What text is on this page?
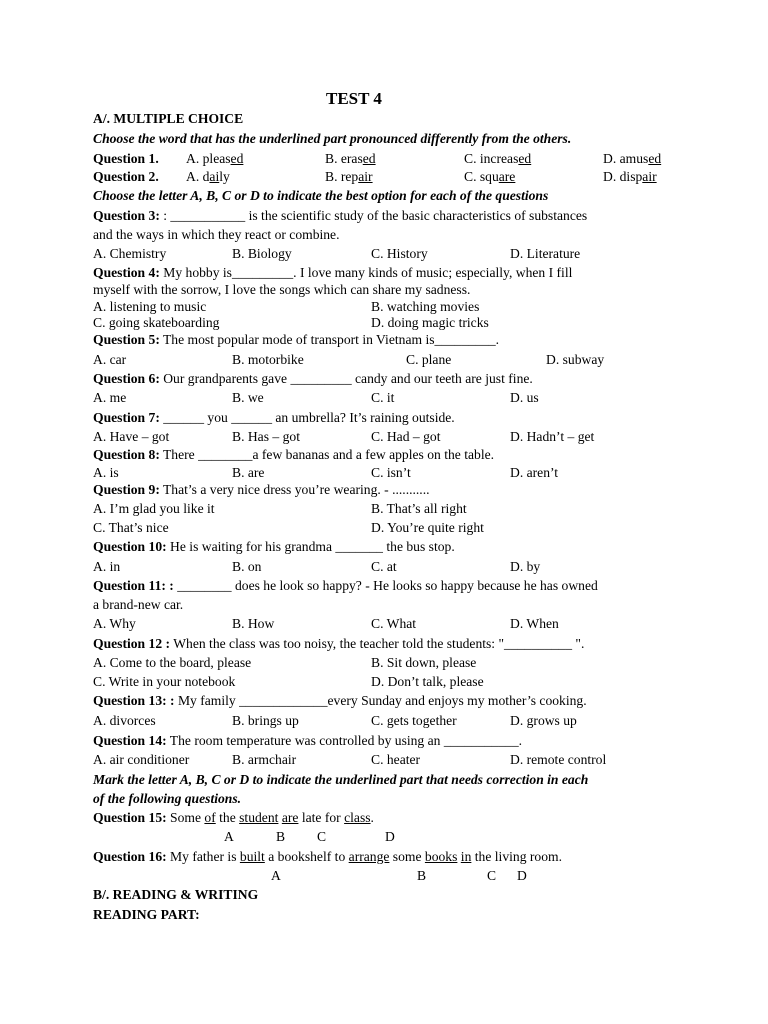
TEST 4
A/. MULTIPLE CHOICE
Choose the word that has the underlined part pronounced differently from the others.
Question 1. A. pleased	B. erased	C. increased	D. amused
Question 2. A. daily	B. repair	C. square	D. dispair
Choose the letter A, B, C or D to indicate the best option for each of the questions
Question 3: : ___________ is the scientific study of the basic characteristics of substances
and the ways in which they react or combine.
A. Chemistry	B. Biology	C. History	D. Literature
Question 4: My hobby is_________. I love many kinds of music; especially, when I fill
myself with the sorrow, I love the songs which can share my sadness.
A. listening to music	B. watching movies
C. going skateboarding	D. doing magic tricks
Question 5: The most popular mode of transport in Vietnam is_________.
A. car	B. motorbike	C. plane	D. subway
Question 6: Our grandparents gave _________ candy and our teeth are just fine.
A. me	B. we	C. it	D. us
Question 7: ______ you ______ an umbrella? It’s raining outside.
A. Have – got	B. Has – got	C. Had – got	D. Hadn’t – get
Question 8: There ________a few bananas and a few apples on the table.
A. is	B. are	C. isn’t	D. aren’t
Question 9: That’s a very nice dress you’re wearing. - ...........
A. I’m glad you like it	B. That’s all right
C. That’s nice	D. You’re quite right
Question 10: He is waiting for his grandma _______ the bus stop.
A. in	B. on	C. at	D. by
Question 11: : ________ does he look so happy? - He looks so happy because he has owned
a brand-new car.
A. Why	B. How	C. What	D. When
Question 12 : When the class was too noisy, the teacher told the students: "__________ ".
A. Come to the board, please	B. Sit down, please
C. Write in your notebook	D. Don’t talk, please
Question 13: : My family _____________every Sunday and enjoys my mother’s cooking.
A. divorces	B. brings up	C. gets together	D. grows up
Question 14: The room temperature was controlled by using an ___________.
A. air conditioner	B. armchair	C. heater	D. remote control
Mark the letter A, B, C or D to indicate the underlined part that needs correction in each
of the following questions.
Question 15: Some of the student are late for class.
A	B C	D
Question 16: My father is built a bookshelf to arrange some books in the living room.
A	B	C D
B/. READING & WRITING
READING PART:
